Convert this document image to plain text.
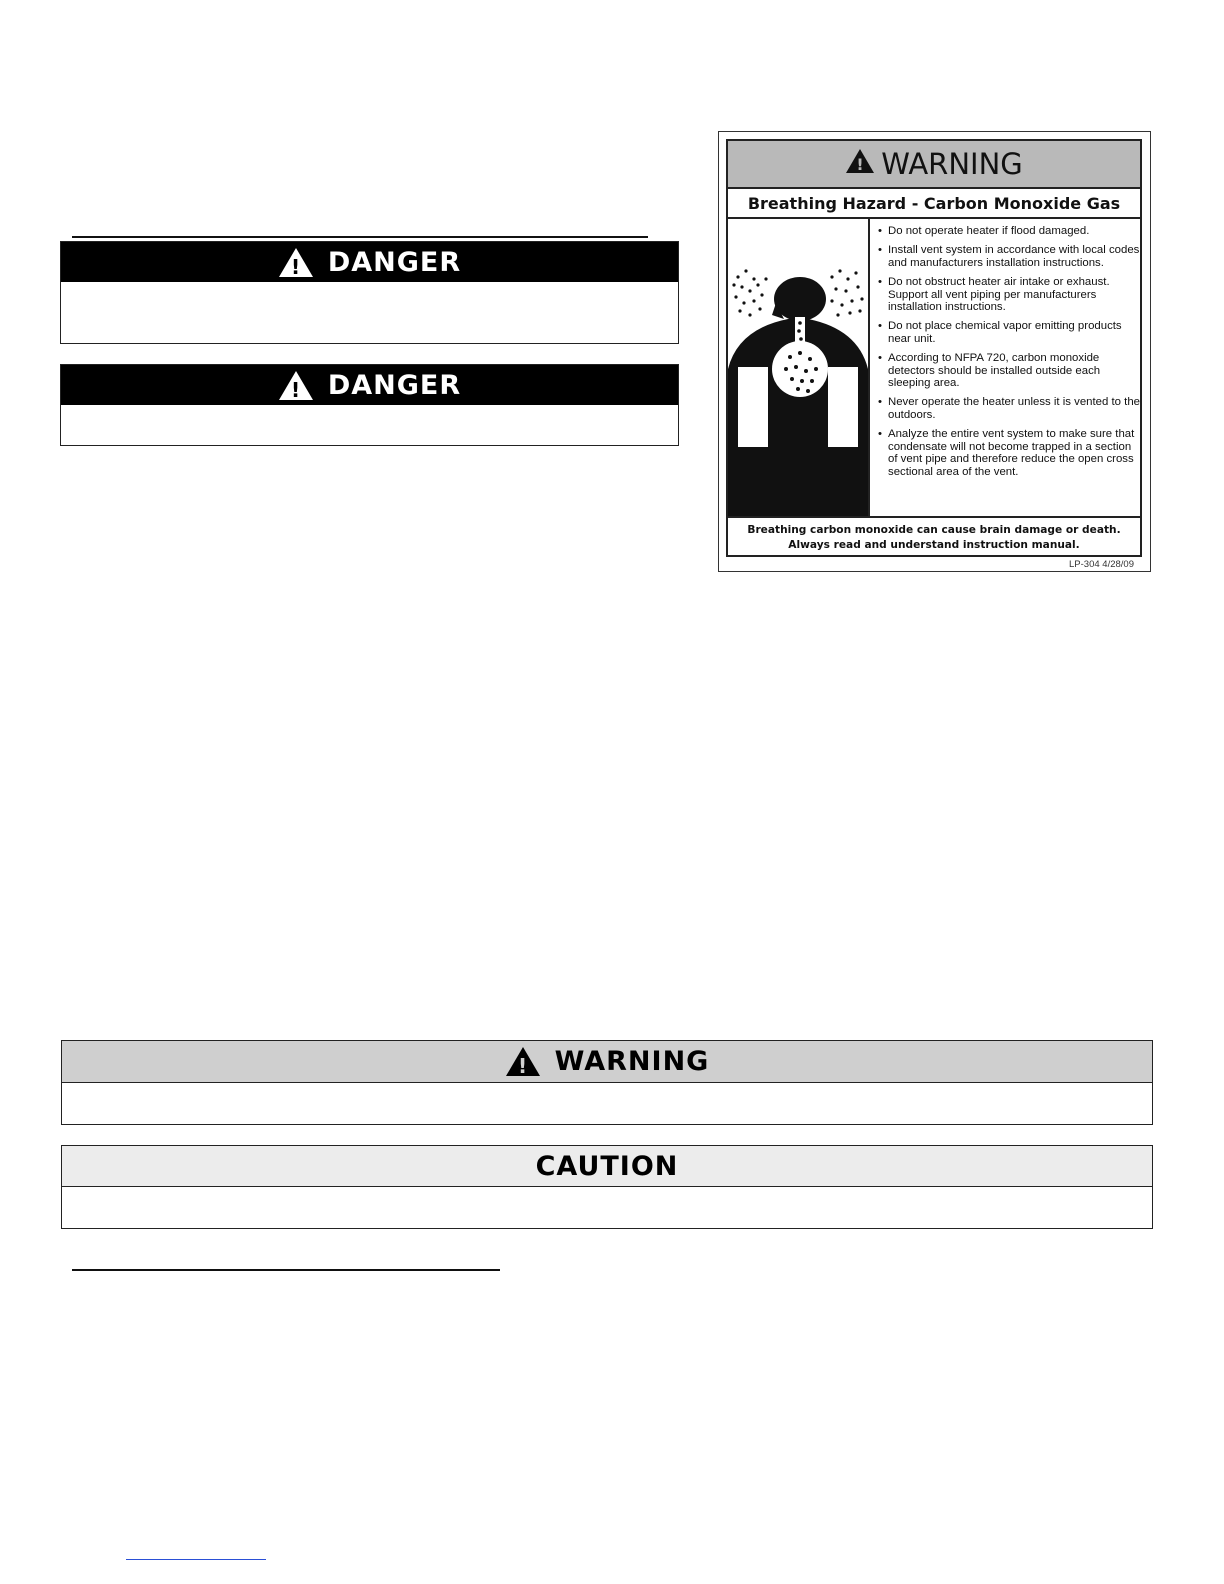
! DANGER
! DANGER
! WARNING
Breathing Hazard - Carbon Monoxide Gas
• Do not operate heater if flood damaged.
• Install vent system in accordance with local codes and manufacturers installation instructions.
• Do not obstruct heater air intake or exhaust. Support all vent piping per manufacturers installation instructions.
• Do not place chemical vapor emitting products near unit.
• According to NFPA 720, carbon monoxide detectors should be installed outside each sleeping area.
• Never operate the heater unless it is vented to the outdoors.
• Analyze the entire vent system to make sure that condensate will not become trapped in a section of vent pipe and therefore reduce the open cross sectional area of the vent.
Breathing carbon monoxide can cause brain damage or death.
Always read and understand instruction manual.
LP-304 4/28/09
! WARNING
CAUTION
